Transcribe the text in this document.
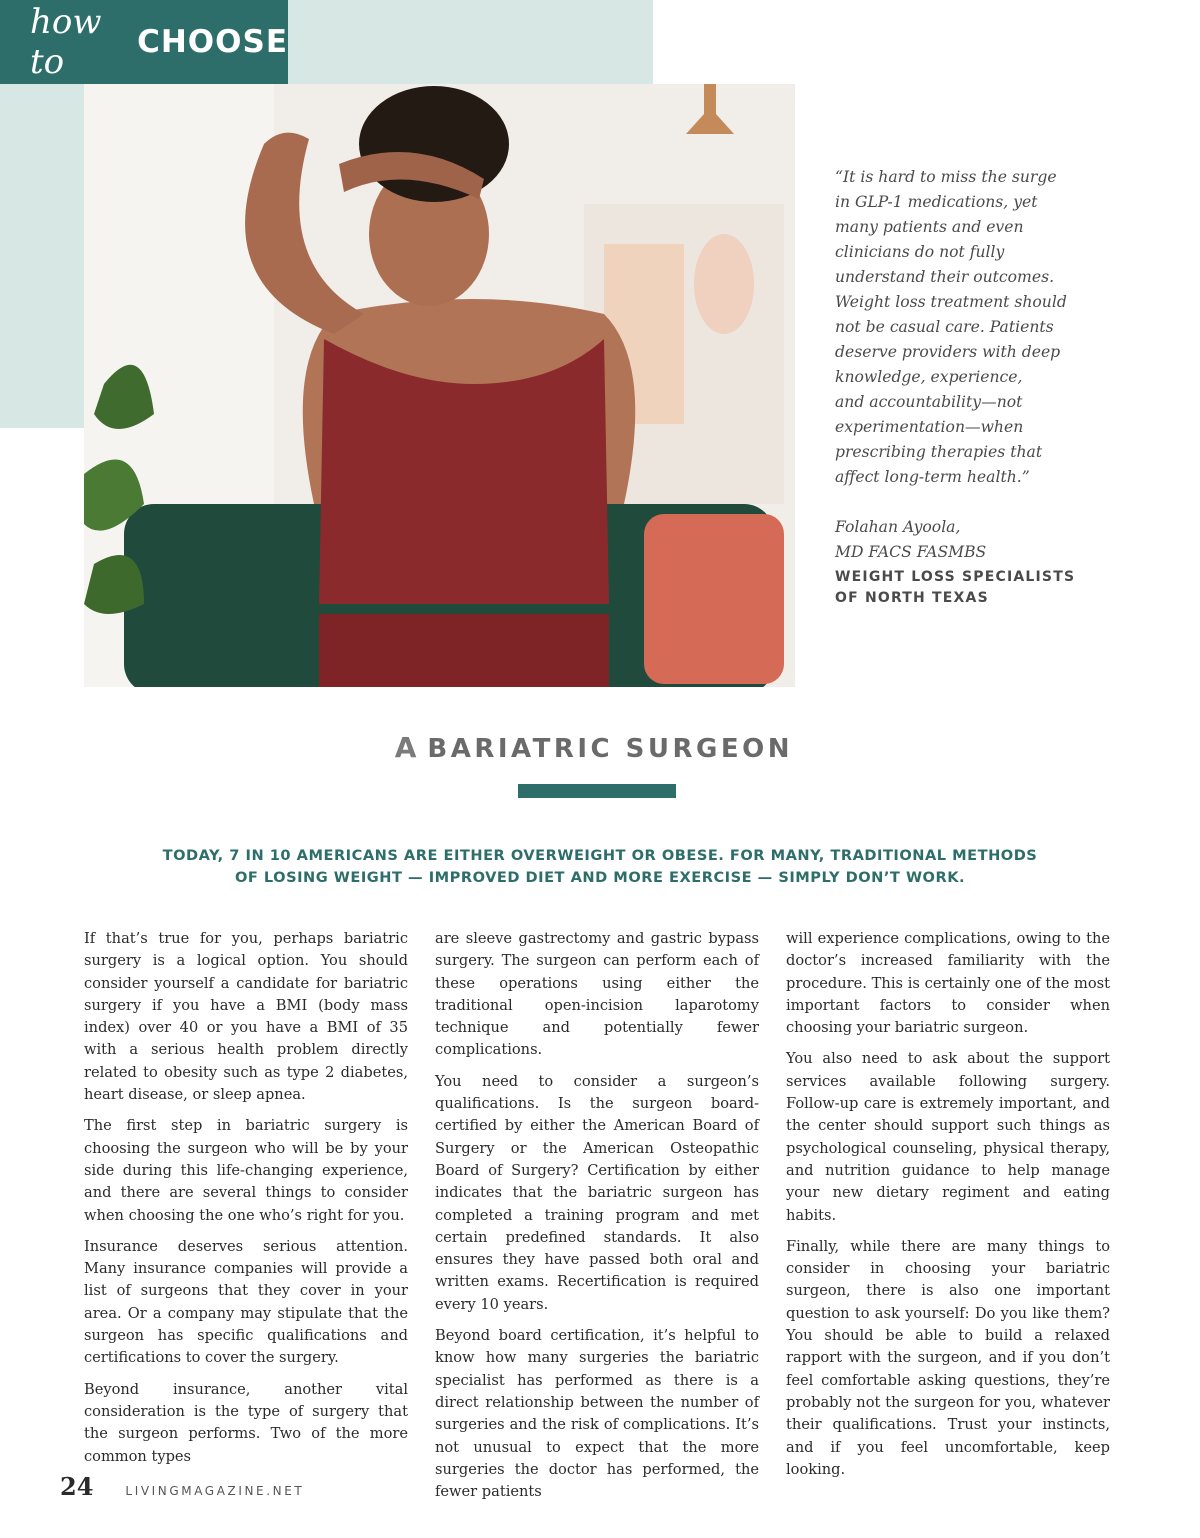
how to	CHOOSE
“It is hard to miss the surge
in GLP-1 medications, yet
many patients and even
clinicians do not fully
understand their outcomes.
Weight loss treatment should
not be casual care. Patients
deserve providers with deep
knowledge, experience,
and accountability—not
experimentation—when
prescribing therapies that
affect long-term health.”
Folahan Ayoola,
MD FACS FASMBS
WEIGHT LOSS SPECIALISTS
OF NORTH TEXAS
A BARIATRIC SURGEON
TODAY, 7 IN 10 AMERICANS ARE EITHER OVERWEIGHT OR OBESE. FOR MANY, TRADITIONAL METHODS
OF LOSING WEIGHT — IMPROVED DIET AND MORE EXERCISE — SIMPLY DON’T WORK.

If that’s true for you, perhaps bariatric surgery is a logical option. You should consider yourself a candidate for bariatric surgery if you have a BMI (body mass index) over 40 or you have a BMI of 35 with a serious health problem directly related to obesity such as type 2 diabetes, heart disease, or sleep apnea.

The first step in bariatric surgery is choosing the surgeon who will be by your side during this life-changing experience, and there are several things to consider when choosing the one who’s right for you.

Insurance deserves serious attention. Many insurance companies will provide a list of surgeons that they cover in your area. Or a company may stipulate that the surgeon has specific qualifications and certifications to cover the surgery.

Beyond insurance, another vital consideration is the type of surgery that the surgeon performs. Two of the more common types

are sleeve gastrectomy and gastric bypass surgery. The surgeon can perform each of these operations using either the traditional open-incision laparotomy technique and potentially fewer complications.

You need to consider a surgeon’s qualifications. Is the surgeon board-certified by either the American Board of Surgery or the American Osteopathic Board of Surgery? Certification by either indicates that the bariatric surgeon has completed a training program and met certain predefined standards. It also ensures they have passed both oral and written exams. Recertification is required every 10 years.

Beyond board certification, it’s helpful to know how many surgeries the bariatric specialist has performed as there is a direct relationship between the number of surgeries and the risk of complications. It’s not unusual to expect that the more surgeries the doctor has performed, the fewer patients

will experience complications, owing to the doctor’s increased familiarity with the procedure. This is certainly one of the most important factors to consider when choosing your bariatric surgeon.

You also need to ask about the support services available following surgery. Follow-up care is extremely important, and the center should support such things as psychological counseling, physical therapy, and nutrition guidance to help manage your new dietary regiment and eating habits.

Finally, while there are many things to consider in choosing your bariatric surgeon, there is also one important question to ask yourself: Do you like them? You should be able to build a relaxed rapport with the surgeon, and if you don’t feel comfortable asking questions, they’re probably not the surgeon for you, whatever their qualifications. Trust your instincts, and if you feel uncomfortable, keep looking.

24	LIVINGMAGAZINE.NET
